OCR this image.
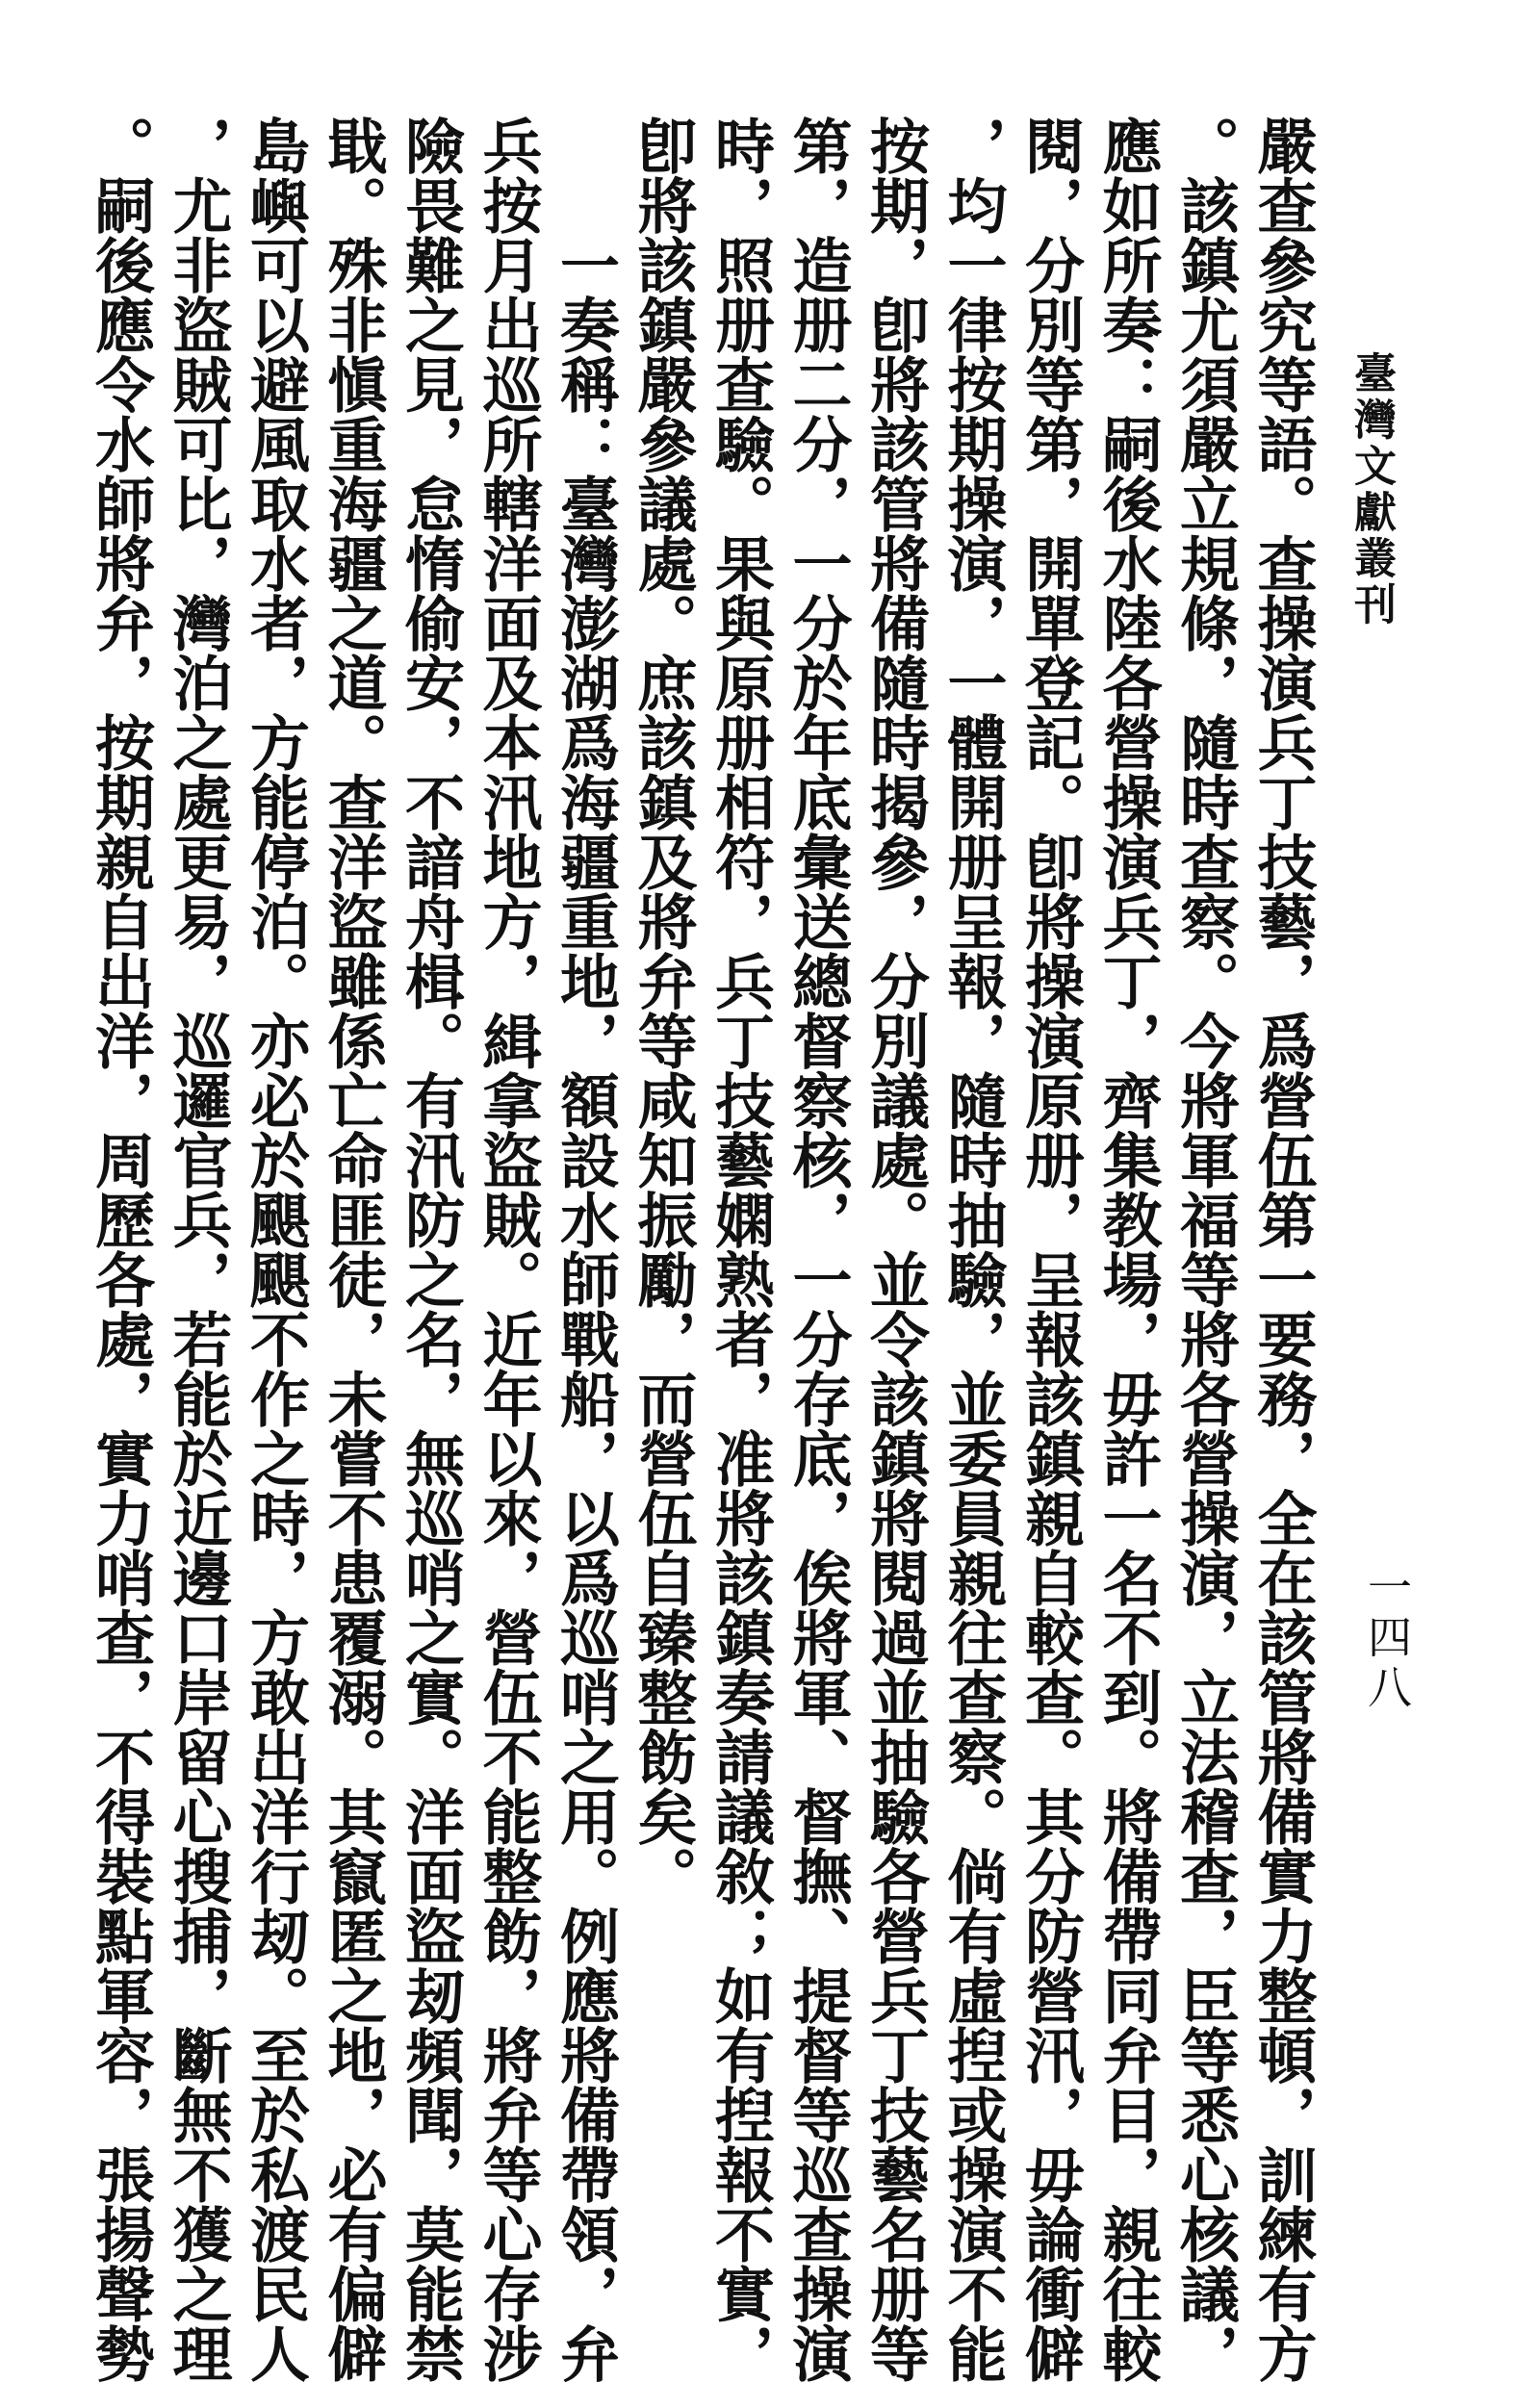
臺灣文獻叢刊
一四八
嚴查參究等語。查操演兵丁技藝，爲營伍第一要務，全在該管將備實力整頓，訓練有方
。該鎮尤須嚴立規條，隨時查察。今將軍福等將各營操演，立法稽查，臣等悉心核議，
應如所奏：嗣後水陸各營操演兵丁，齊集教場，毋許一名不到。將備帶同弁目，親往較
閱，分別等第，開單登記。卽將操演原册，呈報該鎮親自較查。其分防營汛，毋論衝僻
，均一律按期操演，一體開册呈報，隨時抽驗，並委員親往查察。倘有虛揑或操演不能
按期，卽將該管將備隨時揭參，分別議處。並令該鎮將閱過並抽驗各營兵丁技藝名册等
第，造册二分，一分於年底彙送總督察核，一分存底，俟將軍、督撫、提督等巡查操演
時，照册查驗。果與原册相符，兵丁技藝嫻熟者，准將該鎮奏請議敘；如有揑報不實，
卽將該鎮嚴參議處。庶該鎮及將弁等咸知振勵，而營伍自臻整飭矣。
一奏稱：臺灣澎湖爲海疆重地，額設水師戰船，以爲巡哨之用。例應將備帶領，弁
兵按月出巡所轄洋面及本汛地方，緝拿盜賊。近年以來，營伍不能整飭，將弁等心存涉
險畏難之見，怠惰偷安，不諳舟楫。有汛防之名，無巡哨之實。洋面盜刼頻聞，莫能禁
戢。殊非愼重海疆之道。查洋盜雖係亡命匪徒，未嘗不患覆溺。其竄匿之地，必有偏僻
島嶼可以避風取水者，方能停泊。亦必於颶颶不作之時，方敢出洋行刼。至於私渡民人
，尤非盜賊可比，灣泊之處更易，巡邏官兵，若能於近邊口岸留心搜捕，斷無不獲之理
。嗣後應令水師將弁，按期親自出洋，周歷各處，實力哨查，不得裝點軍容，張揚聲勢
